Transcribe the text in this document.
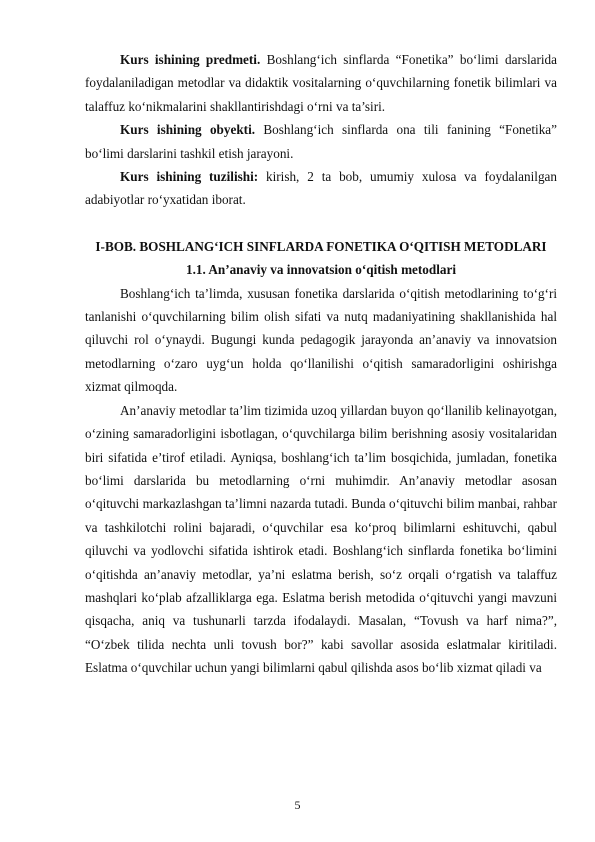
Kurs ishining predmeti. Boshlang‘ich sinflarda “Fonetika” bo‘limi darslarida foydalaniladigan metodlar va didaktik vositalarning o‘quvchilarning fonetik bilimlari va talaffuz ko‘nikmalarini shakllantirishdagi o‘rni va ta’siri.

Kurs ishining obyekti. Boshlang‘ich sinflarda ona tili fanining “Fonetika” bo‘limi darslarini tashkil etish jarayoni.

Kurs ishining tuzilishi: kirish, 2 ta bob, umumiy xulosa va foydalanilgan adabiyotlar ro‘yxatidan iborat.

I-BOB. BOSHLANG‘ICH SINFLARDA FONETIKA O‘QITISH METODLARI

1.1. An’anaviy va innovatsion o‘qitish metodlari

Boshlang‘ich ta’limda, xususan fonetika darslarida o‘qitish metodlarining to‘g‘ri tanlanishi o‘quvchilarning bilim olish sifati va nutq madaniyatining shakllanishida hal qiluvchi rol o‘ynaydi. Bugungi kunda pedagogik jarayonda an’anaviy va innovatsion metodlarning o‘zaro uyg‘un holda qo‘llanilishi o‘qitish samaradorligini oshirishga xizmat qilmoqda.

An’anaviy metodlar ta’lim tizimida uzoq yillardan buyon qo‘llanilib kelinayotgan, o‘zining samaradorligini isbotlagan, o‘quvchilarga bilim berishning asosiy vositalaridan biri sifatida e’tirof etiladi. Ayniqsa, boshlang‘ich ta’lim bosqichida, jumladan, fonetika bo‘limi darslarida bu metodlarning o‘rni muhimdir. An’anaviy metodlar asosan o‘qituvchi markazlashgan ta’limni nazarda tutadi. Bunda o‘qituvchi bilim manbai, rahbar va tashkilotchi rolini bajaradi, o‘quvchilar esa ko‘proq bilimlarni eshituvchi, qabul qiluvchi va yodlovchi sifatida ishtirok etadi. Boshlang‘ich sinflarda fonetika bo‘limini o‘qitishda an’anaviy metodlar, ya’ni eslatma berish, so‘z orqali o‘rgatish va talaffuz mashqlari ko‘plab afzalliklarga ega. Eslatma berish metodida o‘qituvchi yangi mavzuni qisqacha, aniq va tushunarli tarzda ifodalaydi. Masalan, “Tovush va harf nima?”, “O‘zbek tilida nechta unli tovush bor?” kabi savollar asosida eslatmalar kiritiladi. Eslatma o‘quvchilar uchun yangi bilimlarni qabul qilishda asos bo‘lib xizmat qiladi va

5
